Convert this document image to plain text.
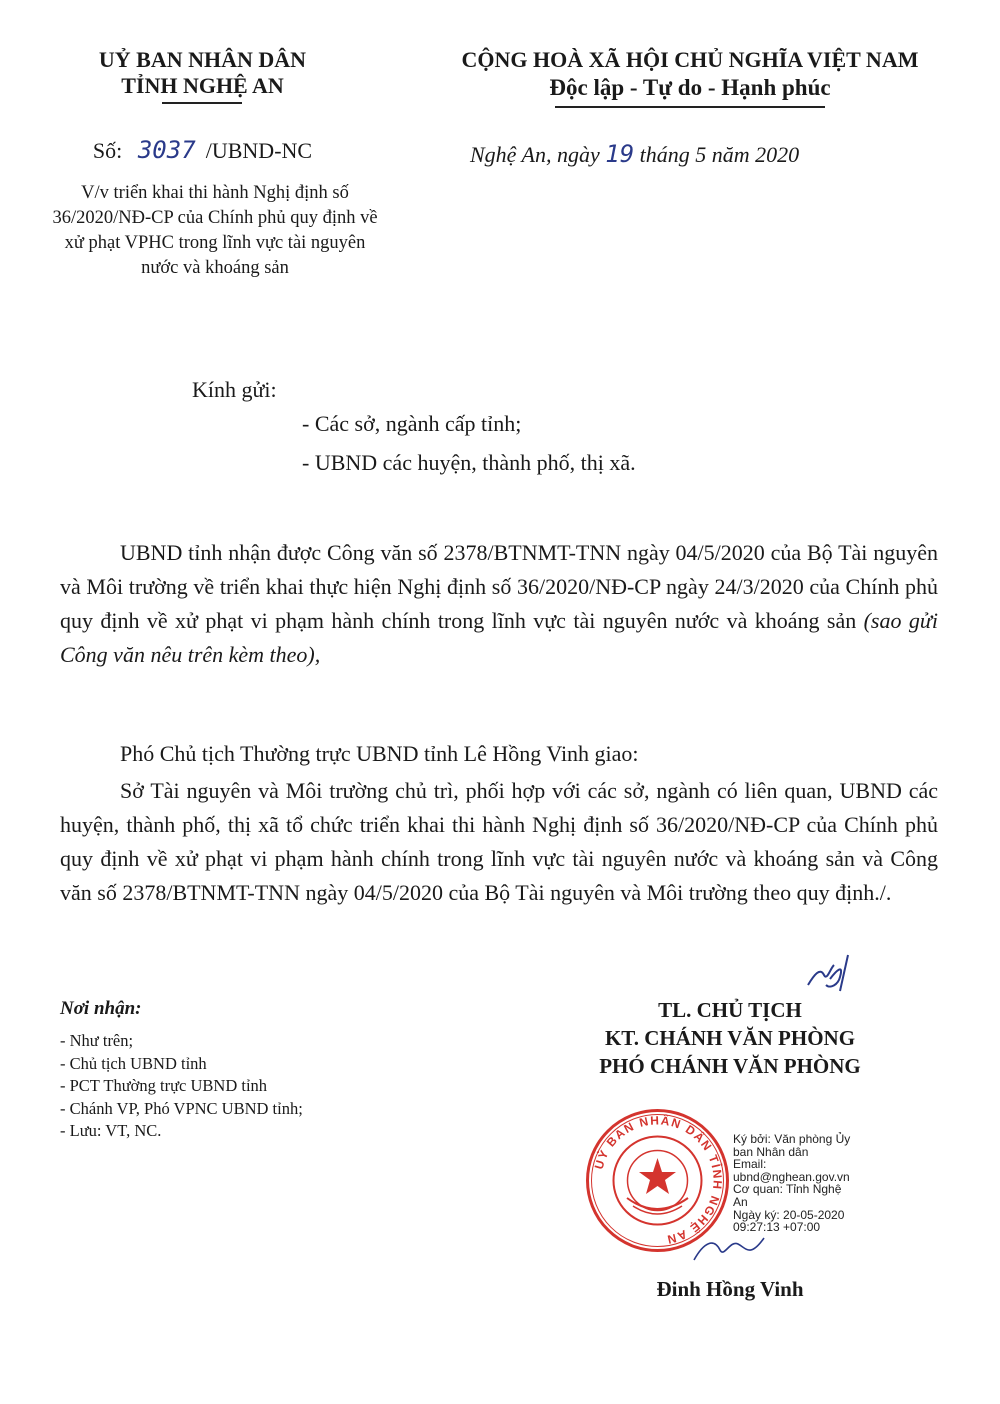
UỶ BAN NHÂN DÂN
TỈNH NGHỆ AN
CỘNG HOÀ XÃ HỘI CHỦ NGHĨA VIỆT NAM
Độc lập - Tự do - Hạnh phúc
Số: 3037 /UBND-NC	Nghệ An, ngày 19 tháng 5 năm 2020
V/v triển khai thi hành Nghị định số 36/2020/NĐ-CP của Chính phủ quy định về xử phạt VPHC trong lĩnh vực tài nguyên nước và khoáng sản
Kính gửi:
- Các sở, ngành cấp tỉnh;
- UBND các huyện, thành phố, thị xã.
UBND tỉnh nhận được Công văn số 2378/BTNMT-TNN ngày 04/5/2020 của Bộ Tài nguyên và Môi trường về triển khai thực hiện Nghị định số 36/2020/NĐ-CP ngày 24/3/2020 của Chính phủ quy định về xử phạt vi phạm hành chính trong lĩnh vực tài nguyên nước và khoáng sản (sao gửi Công văn nêu trên kèm theo),
Phó Chủ tịch Thường trực UBND tỉnh Lê Hồng Vinh giao:
Sở Tài nguyên và Môi trường chủ trì, phối hợp với các sở, ngành có liên quan, UBND các huyện, thành phố, thị xã tổ chức triển khai thi hành Nghị định số 36/2020/NĐ-CP của Chính phủ quy định về xử phạt vi phạm hành chính trong lĩnh vực tài nguyên nước và khoáng sản và Công văn số 2378/BTNMT-TNN ngày 04/5/2020 của Bộ Tài nguyên và Môi trường theo quy định./.
Nơi nhận:
- Như trên;
- Chủ tịch UBND tỉnh
- PCT Thường trực UBND tỉnh
- Chánh VP, Phó VPNC UBND tỉnh;
- Lưu: VT, NC.
TL. CHỦ TỊCH
KT. CHÁNH VĂN PHÒNG
PHÓ CHÁNH VĂN PHÒNG
UỶ BAN NHÂN DÂN TỈNH NGHỆ AN
Ký bởi: Văn phòng Ủy
ban Nhân dân
Email:
ubnd@nghean.gov.vn
Cơ quan: Tỉnh Nghệ
An
Ngày ký: 20-05-2020
09:27:13 +07:00
Đinh Hồng Vinh
